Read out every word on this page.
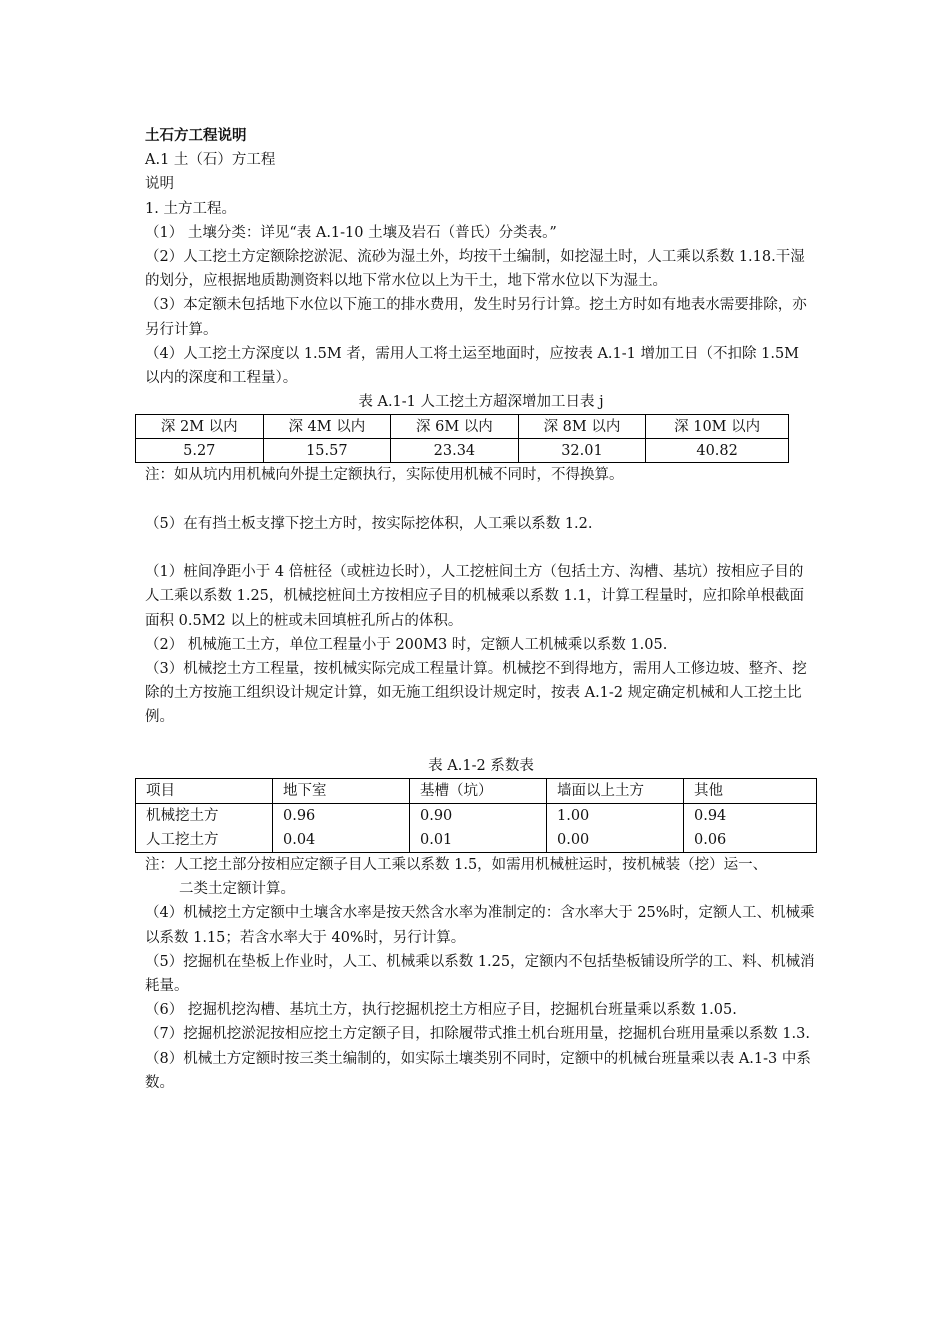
土石方工程说明

A.1 土（石）方工程

说明

1. 土方工程。

（1） 土壤分类：详见“表 A.1-10 土壤及岩石（普氏）分类表。”

（2）人工挖土方定额除挖淤泥、流砂为湿土外，均按干土编制，如挖湿土时，人工乘以系数 1.18.干湿的划分，应根据地质勘测资料以地下常水位以上为干土，地下常水位以下为湿土。

（3）本定额未包括地下水位以下施工的排水费用，发生时另行计算。挖土方时如有地表水需要排除，亦另行计算。

（4）人工挖土方深度以 1.5M 者，需用人工将土运至地面时，应按表 A.1-1 增加工日（不扣除 1.5M 以内的深度和工程量）。

表 A.1-1 人工挖土方超深增加工日表 j

深 2M 以内	深 4M 以内	深 6M 以内	深 8M 以内	深 10M 以内
5.27	15.57	23.34	32.01	40.82

注：如从坑内用机械向外提土定额执行，实际使用机械不同时，不得换算。

（5）在有挡土板支撑下挖土方时，按实际挖体积，人工乘以系数 1.2.

（1）桩间净距小于 4 倍桩径（或桩边长时），人工挖桩间土方（包括土方、沟槽、基坑）按相应子目的人工乘以系数 1.25，机械挖桩间土方按相应子目的机械乘以系数 1.1，计算工程量时，应扣除单根截面面积 0.5M2 以上的桩或未回填桩孔所占的体积。

（2） 机械施工土方，单位工程量小于 200M3 时，定额人工机械乘以系数 1.05.

（3）机械挖土方工程量，按机械实际完成工程量计算。机械挖不到得地方，需用人工修边坡、整齐、挖除的土方按施工组织设计规定计算，如无施工组织设计规定时，按表 A.1-2 规定确定机械和人工挖土比例。

表 A.1-2 系数表

项目	地下室	基槽（坑）	墙面以上土方	其他
机械挖土方	0.96	0.90	1.00	0.94
人工挖土方	0.04	0.01	0.00	0.06

注：人工挖土部分按相应定额子目人工乘以系数 1.5，如需用机械桩运时，按机械装（挖）运一、

二类土定额计算。

（4）机械挖土方定额中土壤含水率是按天然含水率为准制定的：含水率大于 25%时，定额人工、机械乘以系数 1.15；若含水率大于 40%时，另行计算。

（5）挖掘机在垫板上作业时，人工、机械乘以系数 1.25，定额内不包括垫板铺设所学的工、料、机械消耗量。

（6） 挖掘机挖沟槽、基坑土方，执行挖掘机挖土方相应子目，挖掘机台班量乘以系数 1.05.

（7）挖掘机挖淤泥按相应挖土方定额子目，扣除履带式推土机台班用量，挖掘机台班用量乘以系数 1.3.

（8）机械土方定额时按三类土编制的，如实际土壤类别不同时，定额中的机械台班量乘以表 A.1-3 中系数。
